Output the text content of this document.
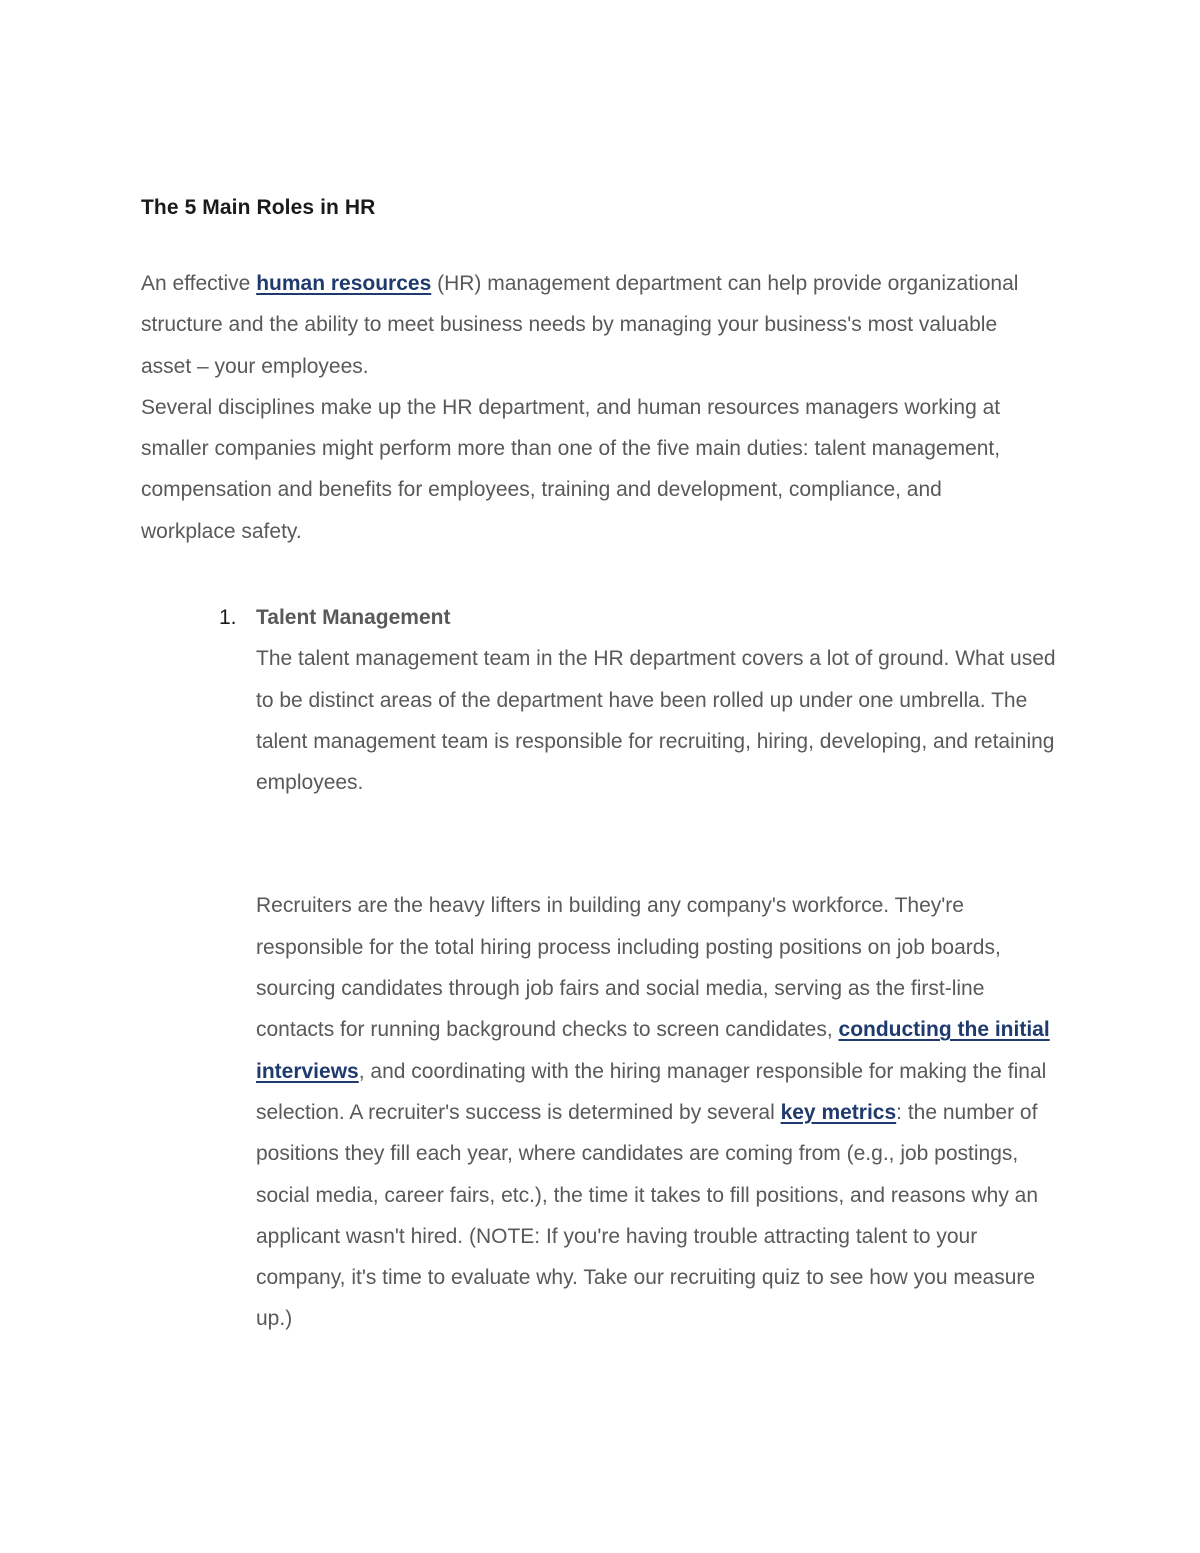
The 5 Main Roles in HR

An effective human resources (HR) management department can help provide organizational structure and the ability to meet business needs by managing your business's most valuable asset – your employees.

Several disciplines make up the HR department, and human resources managers working at smaller companies might perform more than one of the five main duties: talent management, compensation and benefits for employees, training and development, compliance, and workplace safety.

1. Talent Management

The talent management team in the HR department covers a lot of ground. What used to be distinct areas of the department have been rolled up under one umbrella. The talent management team is responsible for recruiting, hiring, developing, and retaining employees.

Recruiters are the heavy lifters in building any company's workforce. They're responsible for the total hiring process including posting positions on job boards, sourcing candidates through job fairs and social media, serving as the first-line contacts for running background checks to screen candidates, conducting the initial interviews, and coordinating with the hiring manager responsible for making the final selection. A recruiter's success is determined by several key metrics: the number of positions they fill each year, where candidates are coming from (e.g., job postings, social media, career fairs, etc.), the time it takes to fill positions, and reasons why an applicant wasn't hired. (NOTE: If you're having trouble attracting talent to your company, it's time to evaluate why. Take our recruiting quiz to see how you measure up.)
